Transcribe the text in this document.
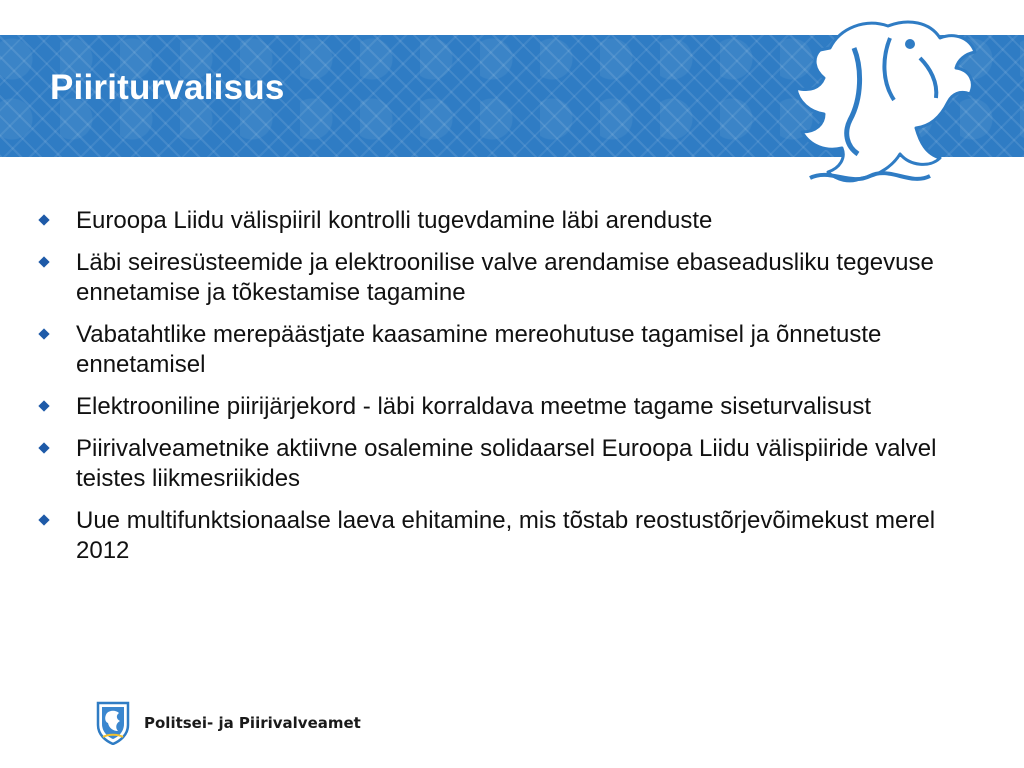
Piiriturvalisus
Euroopa Liidu välispiiril kontrolli tugevdamine läbi arenduste
Läbi seiresüsteemide ja elektroonilise valve arendamise ebaseadusliku tegevuse ennetamise ja tõkestamise tagamine
Vabatahtlike merepäästjate kaasamine mereohutuse tagamisel ja õnnetuste ennetamisel
Elektrooniline piirijärjekord - läbi korraldava meetme tagame siseturvalisust
Piirivalveametnike aktiivne osalemine solidaarsel Euroopa Liidu välispiiride valvel teistes liikmesriikides
Uue multifunktsionaalse laeva ehitamine, mis tõstab reostustõrjevõimekust merel 2012
Politsei- ja Piirivalveamet
